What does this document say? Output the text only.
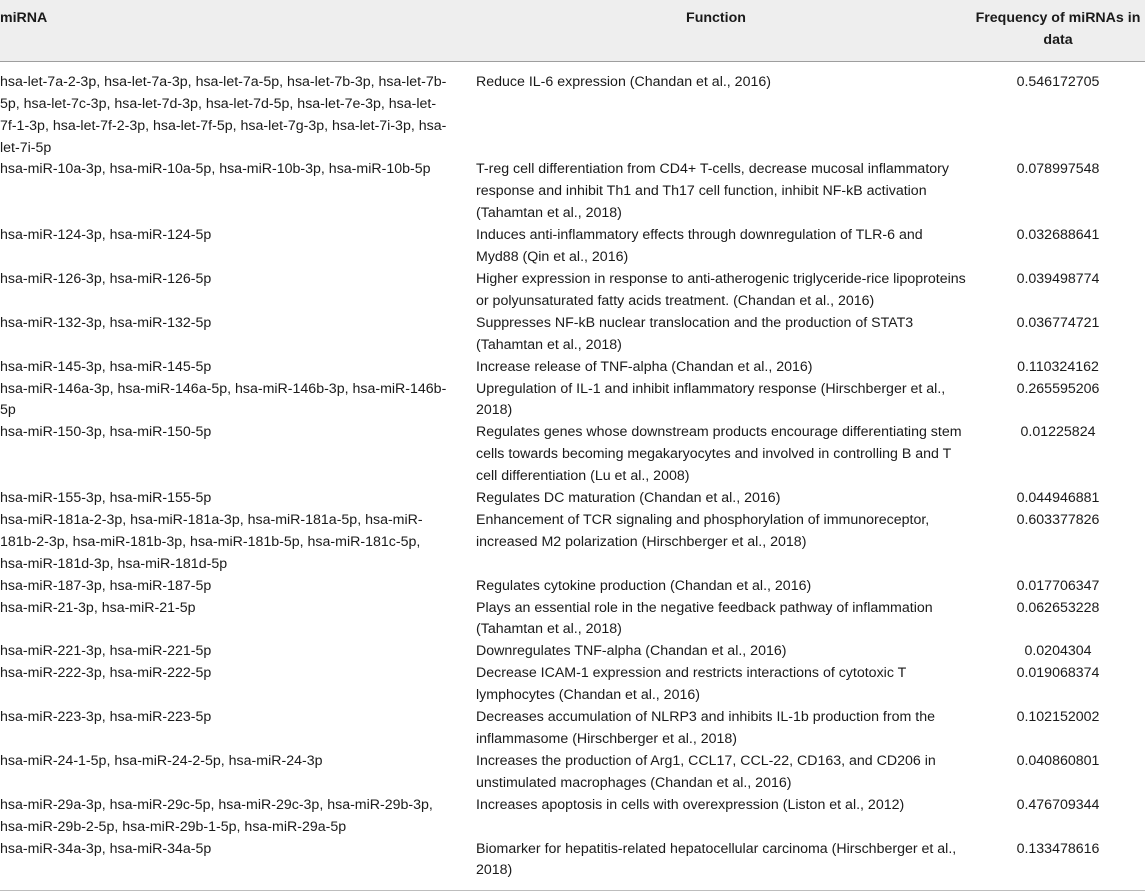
miRNA	Function	Frequency of miRNAs in data
hsa-let-7a-2-3p, hsa-let-7a-3p, hsa-let-7a-5p, hsa-let-7b-3p, hsa-let-7b-5p, hsa-let-7c-3p, hsa-let-7d-3p, hsa-let-7d-5p, hsa-let-7e-3p, hsa-let-7f-1-3p, hsa-let-7f-2-3p, hsa-let-7f-5p, hsa-let-7g-3p, hsa-let-7i-3p, hsa-let-7i-5p	Reduce IL-6 expression (Chandan et al., 2016)	0.546172705
hsa-miR-10a-3p, hsa-miR-10a-5p, hsa-miR-10b-3p, hsa-miR-10b-5p	T-reg cell differentiation from CD4+ T-cells, decrease mucosal inflammatory response and inhibit Th1 and Th17 cell function, inhibit NF-kB activation (Tahamtan et al., 2018)	0.078997548
hsa-miR-124-3p, hsa-miR-124-5p	Induces anti-inflammatory effects through downregulation of TLR-6 and Myd88 (Qin et al., 2016)	0.032688641
hsa-miR-126-3p, hsa-miR-126-5p	Higher expression in response to anti-atherogenic triglyceride-rice lipoproteins or polyunsaturated fatty acids treatment. (Chandan et al., 2016)	0.039498774
hsa-miR-132-3p, hsa-miR-132-5p	Suppresses NF-kB nuclear translocation and the production of STAT3 (Tahamtan et al., 2018)	0.036774721
hsa-miR-145-3p, hsa-miR-145-5p	Increase release of TNF-alpha (Chandan et al., 2016)	0.110324162
hsa-miR-146a-3p, hsa-miR-146a-5p, hsa-miR-146b-3p, hsa-miR-146b-5p	Upregulation of IL-1 and inhibit inflammatory response (Hirschberger et al., 2018)	0.265595206
hsa-miR-150-3p, hsa-miR-150-5p	Regulates genes whose downstream products encourage differentiating stem cells towards becoming megakaryocytes and involved in controlling B and T cell differentiation (Lu et al., 2008)	0.01225824
hsa-miR-155-3p, hsa-miR-155-5p	Regulates DC maturation (Chandan et al., 2016)	0.044946881
hsa-miR-181a-2-3p, hsa-miR-181a-3p, hsa-miR-181a-5p, hsa-miR-181b-2-3p, hsa-miR-181b-3p, hsa-miR-181b-5p, hsa-miR-181c-5p, hsa-miR-181d-3p, hsa-miR-181d-5p	Enhancement of TCR signaling and phosphorylation of immunoreceptor, increased M2 polarization (Hirschberger et al., 2018)	0.603377826
hsa-miR-187-3p, hsa-miR-187-5p	Regulates cytokine production (Chandan et al., 2016)	0.017706347
hsa-miR-21-3p, hsa-miR-21-5p	Plays an essential role in the negative feedback pathway of inflammation (Tahamtan et al., 2018)	0.062653228
hsa-miR-221-3p, hsa-miR-221-5p	Downregulates TNF-alpha (Chandan et al., 2016)	0.0204304
hsa-miR-222-3p, hsa-miR-222-5p	Decrease ICAM-1 expression and restricts interactions of cytotoxic T lymphocytes (Chandan et al., 2016)	0.019068374
hsa-miR-223-3p, hsa-miR-223-5p	Decreases accumulation of NLRP3 and inhibits IL-1b production from the inflammasome (Hirschberger et al., 2018)	0.102152002
hsa-miR-24-1-5p, hsa-miR-24-2-5p, hsa-miR-24-3p	Increases the production of Arg1, CCL17, CCL-22, CD163, and CD206 in unstimulated macrophages (Chandan et al., 2016)	0.040860801
hsa-miR-29a-3p, hsa-miR-29c-5p, hsa-miR-29c-3p, hsa-miR-29b-3p, hsa-miR-29b-2-5p, hsa-miR-29b-1-5p, hsa-miR-29a-5p	Increases apoptosis in cells with overexpression (Liston et al., 2012)	0.476709344
hsa-miR-34a-3p, hsa-miR-34a-5p	Biomarker for hepatitis-related hepatocellular carcinoma (Hirschberger et al., 2018)	0.133478616
